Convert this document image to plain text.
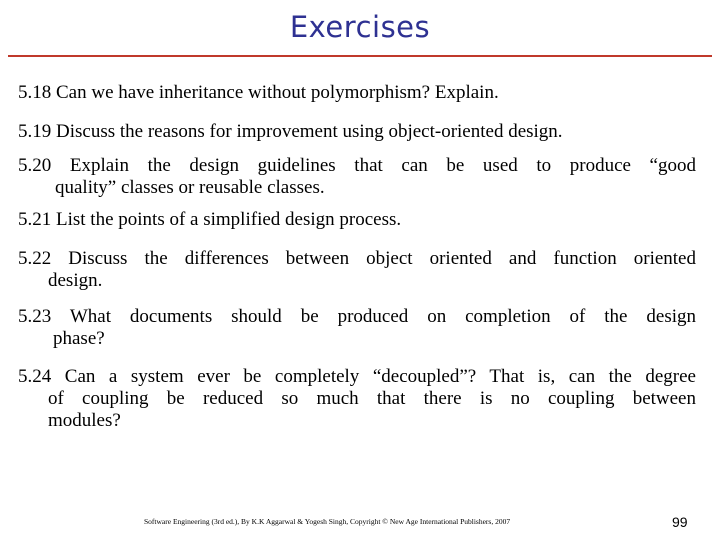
Exercises
5.18 Can we have inheritance without polymorphism? Explain.
5.19 Discuss the reasons for improvement using object-oriented design.
5.20 Explain the design guidelines that can be used to produce “good
quality” classes or reusable classes.
5.21 List the points of a simplified design process.
5.22 Discuss the differences between object oriented and function oriented
design.
5.23 What documents should be produced on completion of the design
phase?
5.24 Can a system ever be completely “decoupled”? That is, can the degree
of coupling be reduced so much that there is no coupling between
modules?
Software Engineering (3rd ed.), By K.K Aggarwal & Yogesh Singh, Copyright © New Age International Publishers, 2007	99
